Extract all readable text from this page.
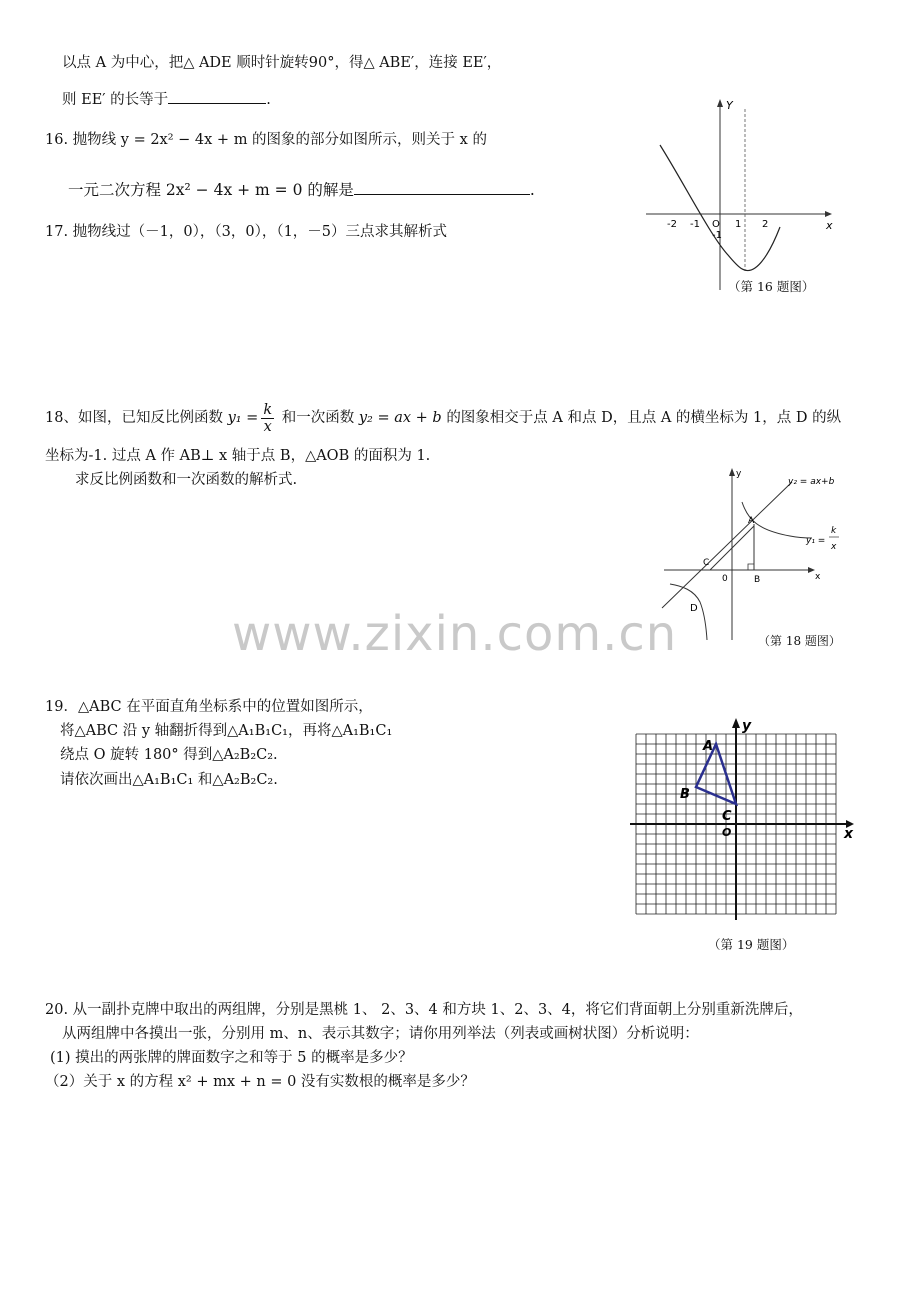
以点 A 为中心，把△ ADE 顺时针旋转90°，得△ ABE′，连接 EE′，
则 EE′ 的长等于	.
16. 抛物线 y = 2x² − 4x + m 的图象的部分如图所示，则关于 x 的
一元二次方程 2x² − 4x + m = 0 的解是	.
x
Y
O
-2 -1	1 2
-1
（第 16 题图）
17. 抛物线过（－1，0），（3，0），（1，－5）三点求其解析式
18、如图，已知反比例函数 $y_1 = \frac{k}{x}$ 和一次函数 y₂ = ax + b 的图象相交于点 A 和点 D，且点 A 的横坐标为 1，点 D 的纵
坐标为-1. 过点 A 作 AB⊥ x 轴于点 B，△AOB 的面积为 1.
求反比例函数和一次函数的解析式.
A
B
C
D
0	x
y
y₂ = ax+b
y₁ =
k
x
（第 18 题图）
www.zixin.com.cn
19．△ABC 在平面直角坐标系中的位置如图所示，
将△ABC 沿 y 轴翻折得到△A₁B₁C₁，再将△A₁B₁C₁
绕点 O 旋转 180° 得到△A₂B₂C₂.
请依次画出△A₁B₁C₁ 和△A₂B₂C₂.
A
B
C
O	x
y
（第 19 题图）
20. 从一副扑克牌中取出的两组牌，分别是黑桃 1、 2、3、4 和方块 1、2、3、4，将它们背面朝上分别重新洗牌后，
从两组牌中各摸出一张，分别用 m、n、表示其数字；请你用列举法（列表或画树状图）分析说明：
(1) 摸出的两张牌的牌面数字之和等于 5 的概率是多少？
（2）关于 x 的方程 x² + mx + n = 0 没有实数根的概率是多少？
